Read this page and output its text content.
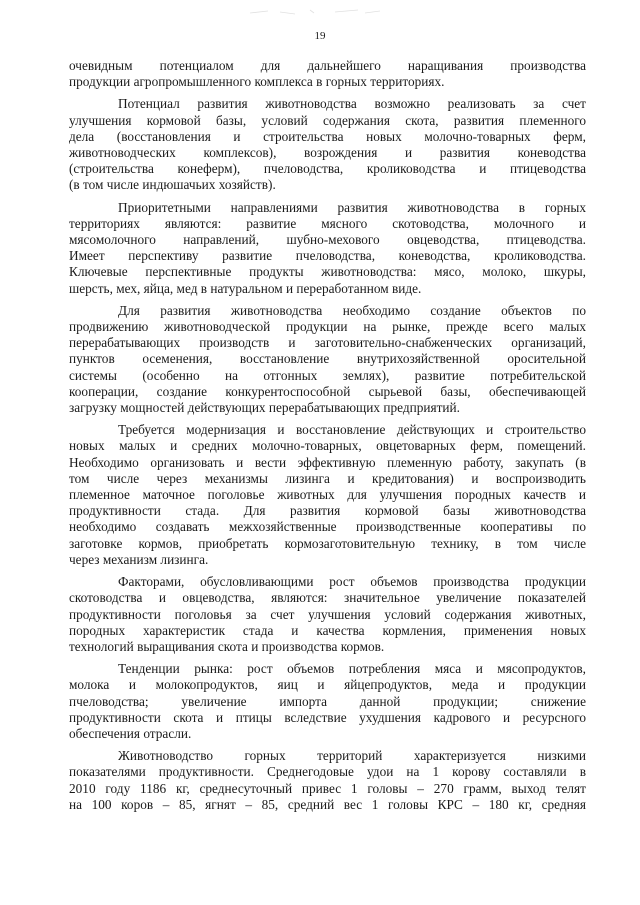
19
очевидным потенциалом для дальнейшего наращивания производства
продукции агропромышленного комплекса в горных территориях.
Потенциал развития животноводства возможно реализовать за счет
улучшения кормовой базы, условий содержания скота, развития племенного
дела (восстановления и строительства новых молочно-товарных ферм,
животноводческих комплексов), возрождения и развития коневодства
(строительства конеферм), пчеловодства, кролиководства и птицеводства
(в том числе индюшачьих хозяйств).
Приоритетными направлениями развития животноводства в горных
территориях являются: развитие мясного скотоводства, молочного и
мясомолочного направлений, шубно-мехового овцеводства, птицеводства.
Имеет перспективу развитие пчеловодства, коневодства, кролиководства.
Ключевые перспективные продукты животноводства: мясо, молоко, шкуры,
шерсть, мех, яйца, мед в натуральном и переработанном виде.
Для развития животноводства необходимо создание объектов по
продвижению животноводческой продукции на рынке, прежде всего малых
перерабатывающих производств и заготовительно-снабженческих организаций,
пунктов осеменения, восстановление внутрихозяйственной оросительной
системы (особенно на отгонных землях), развитие потребительской
кооперации, создание конкурентоспособной сырьевой базы, обеспечивающей
загрузку мощностей действующих перерабатывающих предприятий.
Требуется модернизация и восстановление действующих и строительство
новых малых и средних молочно-товарных, овцетоварных ферм, помещений.
Необходимо организовать и вести эффективную племенную работу, закупать (в
том числе через механизмы лизинга и кредитования) и воспроизводить
племенное маточное поголовье животных для улучшения породных качеств и
продуктивности стада. Для развития кормовой базы животноводства
необходимо создавать межхозяйственные производственные кооперативы по
заготовке кормов, приобретать кормозаготовительную технику, в том числе
через механизм лизинга.
Факторами, обусловливающими рост объемов производства продукции
скотоводства и овцеводства, являются: значительное увеличение показателей
продуктивности поголовья за счет улучшения условий содержания животных,
породных характеристик стада и качества кормления, применения новых
технологий выращивания скота и производства кормов.
Тенденции рынка: рост объемов потребления мяса и мясопродуктов,
молока и молокопродуктов, яиц и яйцепродуктов, меда и продукции
пчеловодства; увеличение импорта данной продукции; снижение
продуктивности скота и птицы вследствие ухудшения кадрового и ресурсного
обеспечения отрасли.
Животноводство горных территорий характеризуется низкими
показателями продуктивности. Среднегодовые удои на 1 корову составляли в
2010 году 1186 кг, среднесуточный привес 1 головы – 270 грамм, выход телят
на 100 коров – 85, ягнят – 85, средний вес 1 головы КРС – 180 кг, средняя
